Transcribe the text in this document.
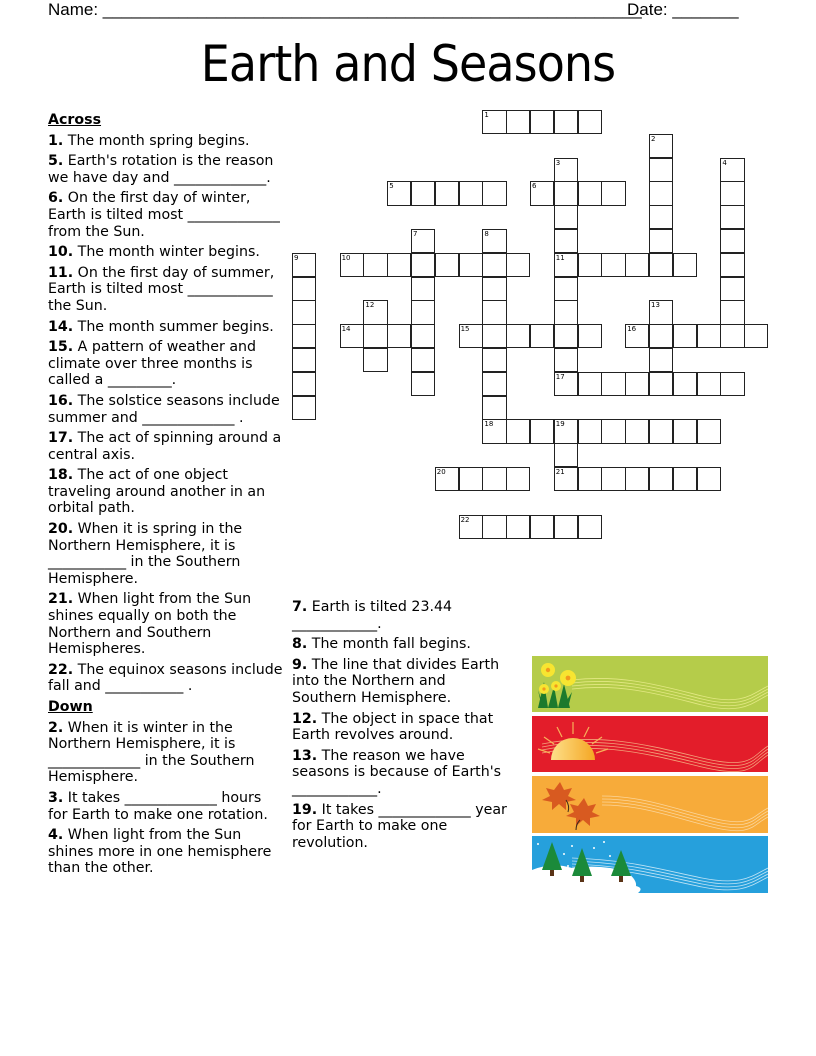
Name: _________________________________________________________
Date: _______
Earth and Seasons
Across
1. The month spring begins.
5. Earth's rotation is the reason we have day and _____________.
6. On the first day of winter, Earth is tilted most _____________ from the Sun.
10. The month winter begins.
11. On the first day of summer, Earth is tilted most ____________ the Sun.
14. The month summer begins.
15. A pattern of weather and climate over three months is called a _________.
16. The solstice seasons include summer and _____________ .
17. The act of spinning around a central axis.
18. The act of one object traveling around another in an orbital path.
20. When it is spring in the Northern Hemisphere, it is ___________ in the Southern Hemisphere.
21. When light from the Sun shines equally on both the Northern and Southern Hemispheres.
22. The equinox seasons include fall and ___________ .
Down
2. When it is winter in the Northern Hemisphere, it is _____________ in the Southern Hemisphere.
3. It takes _____________ hours for Earth to make one rotation.
4. When light from the Sun shines more in one hemisphere than the other.
7. Earth is tilted 23.44 ____________.
8. The month fall begins.
9. The line that divides Earth into the Northern and Southern Hemisphere.
12. The object in space that Earth revolves around.
13. The reason we have seasons is because of Earth's ____________.
19. It takes _____________ year for Earth to make one revolution.
1
2
3
11
17
4
5	6
7	8
18
9	10
12	13
14	15	16
19
21
20
22
